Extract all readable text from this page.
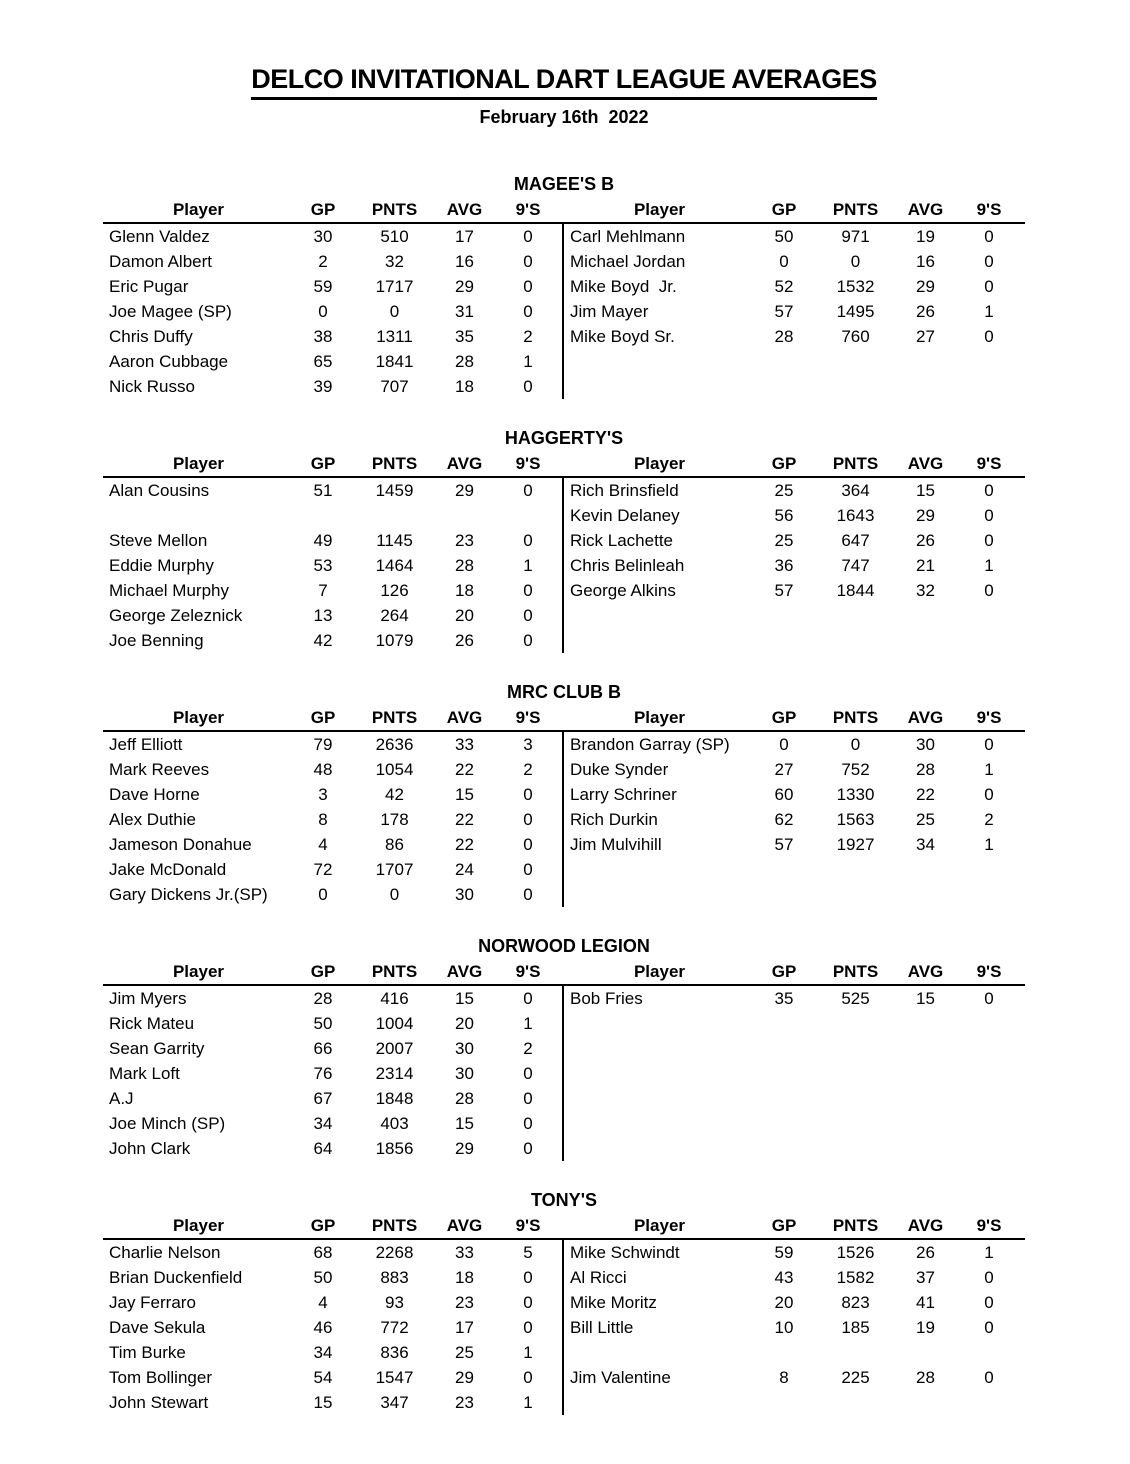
DELCO INVITATIONAL DART LEAGUE AVERAGES
February 16th  2022
MAGEE'S B
Player	GP	PNTS	AVG	9'S
Glenn Valdez	30	510	17	0
Damon Albert	2	32	16	0
Eric Pugar	59	1717	29	0
Joe Magee (SP)	0	0	31	0
Chris Duffy	38	1311	35	2
Aaron Cubbage	65	1841	28	1
Nick Russo	39	707	18	0
Player	GP	PNTS	AVG	9'S
Carl Mehlmann	50	971	19	0
Michael Jordan	0	0	16	0
Mike Boyd  Jr.	52	1532	29	0
Jim Mayer	57	1495	26	1
Mike Boyd Sr.	28	760	27	0
HAGGERTY'S
Player	GP	PNTS	AVG	9'S
Alan Cousins	51	1459	29	0
Steve Mellon	49	1145	23	0
Eddie Murphy	53	1464	28	1
Michael Murphy	7	126	18	0
George Zeleznick	13	264	20	0
Joe Benning	42	1079	26	0
Player	GP	PNTS	AVG	9'S
Rich Brinsfield	25	364	15	0
Kevin Delaney	56	1643	29	0
Rick Lachette	25	647	26	0
Chris Belinleah	36	747	21	1
George Alkins	57	1844	32	0
MRC CLUB B
Player	GP	PNTS	AVG	9'S
Jeff Elliott	79	2636	33	3
Mark Reeves	48	1054	22	2
Dave Horne	3	42	15	0
Alex Duthie	8	178	22	0
Jameson Donahue	4	86	22	0
Jake McDonald	72	1707	24	0
Gary Dickens Jr.(SP)	0	0	30	0
Player	GP	PNTS	AVG	9'S
Brandon Garray (SP)	0	0	30	0
Duke Synder	27	752	28	1
Larry Schriner	60	1330	22	0
Rich Durkin	62	1563	25	2
Jim Mulvihill	57	1927	34	1
NORWOOD LEGION
Player	GP	PNTS	AVG	9'S
Jim Myers	28	416	15	0
Rick Mateu	50	1004	20	1
Sean Garrity	66	2007	30	2
Mark Loft	76	2314	30	0
A.J	67	1848	28	0
Joe Minch (SP)	34	403	15	0
John Clark	64	1856	29	0
Player	GP	PNTS	AVG	9'S
Bob Fries	35	525	15	0
TONY'S
Player	GP	PNTS	AVG	9'S
Charlie Nelson	68	2268	33	5
Brian Duckenfield	50	883	18	0
Jay Ferraro	4	93	23	0
Dave Sekula	46	772	17	0
Tim Burke	34	836	25	1
Tom Bollinger	54	1547	29	0
John Stewart	15	347	23	1
Player	GP	PNTS	AVG	9'S
Mike Schwindt	59	1526	26	1
Al Ricci	43	1582	37	0
Mike Moritz	20	823	41	0
Bill Little	10	185	19	0
Jim Valentine	8	225	28	0
